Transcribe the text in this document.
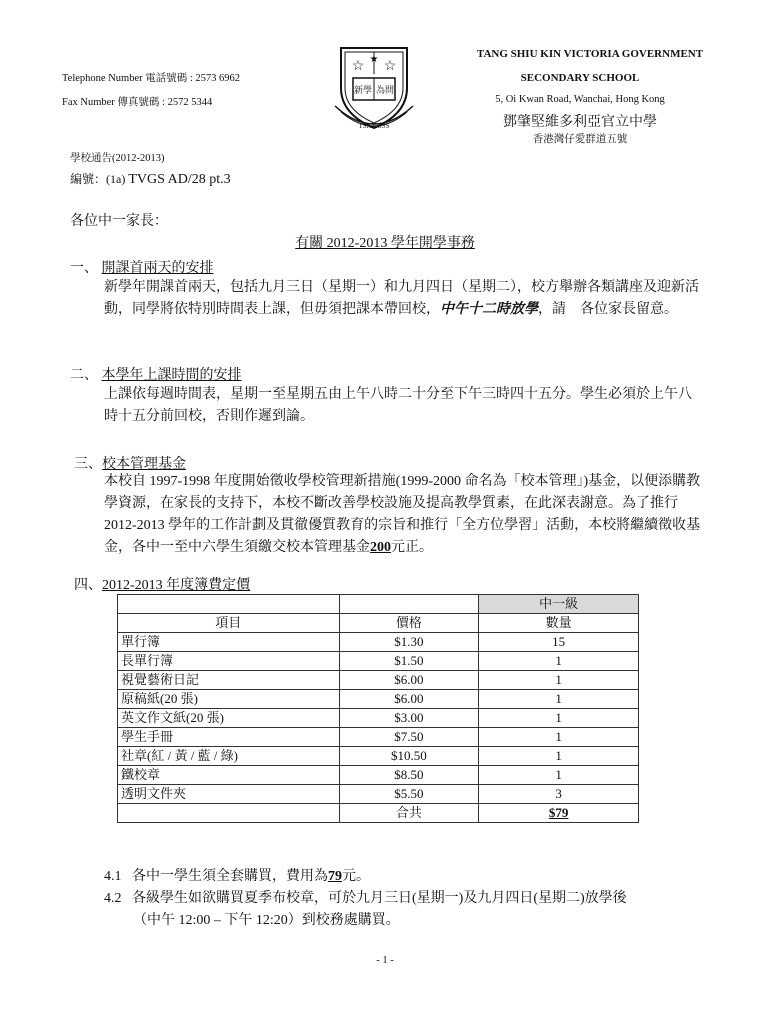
Telephone Number 電話號碼 : 2573 6962
Fax Number 傳真號碼 : 2572 5344
☆ ☆
★
新學 為問
TSKVGSS
TANG SHIU KIN VICTORIA GOVERNMENT
SECONDARY SCHOOL
5, Oi Kwan Road, Wanchai, Hong Kong
鄧肇堅維多利亞官立中學
香港灣仔愛群道五號
學校通告(2012-2013)
編號：(1a) TVGS AD/28 pt.3
各位中一家長：
有關 2012-2013 學年開學事務
一、 開課首兩天的安排
新學年開課首兩天，包括九月三日（星期一）和九月四日（星期二），校方舉辦各類講座及迎新活動，同學將依特別時間表上課，但毋須把課本帶回校，中午十二時放學，請　各位家長留意。
二、 本學年上課時間的安排
上課依每週時間表，星期一至星期五由上午八時二十分至下午三時四十五分。學生必須於上午八時十五分前回校，否則作遲到論。
三、校本管理基金
本校自 1997-1998 年度開始徵收學校管理新措施(1999-2000 命名為「校本管理」)基金，以便添購教學資源，在家長的支持下，本校不斷改善學校設施及提高教學質素，在此深表謝意。為了推行 2012-2013 學年的工作計劃及貫徹優質教育的宗旨和推行「全方位學習」活動，本校將繼續徵收基金，各中一至中六學生須繳交校本管理基金200元正。
四、2012-2013 年度簿費定價
		中一級
項目	價格	數量
單行簿	$1.30	15
長單行簿	$1.50	1
視覺藝術日記	$6.00	1
原稿紙(20 張)	$6.00	1
英文作文紙(20 張)	$3.00	1
學生手冊	$7.50	1
社章(紅 / 黃 / 藍 / 綠)	$10.50	1
鐵校章	$8.50	1
透明文件夾	$5.50	3
	合共	$79
4.1 各中一學生須全套購買，費用為79元。
4.2 各級學生如欲購買夏季布校章，可於九月三日(星期一)及九月四日(星期二)放學後
（中午 12:00 – 下午 12:20）到校務處購買。
- 1 -
